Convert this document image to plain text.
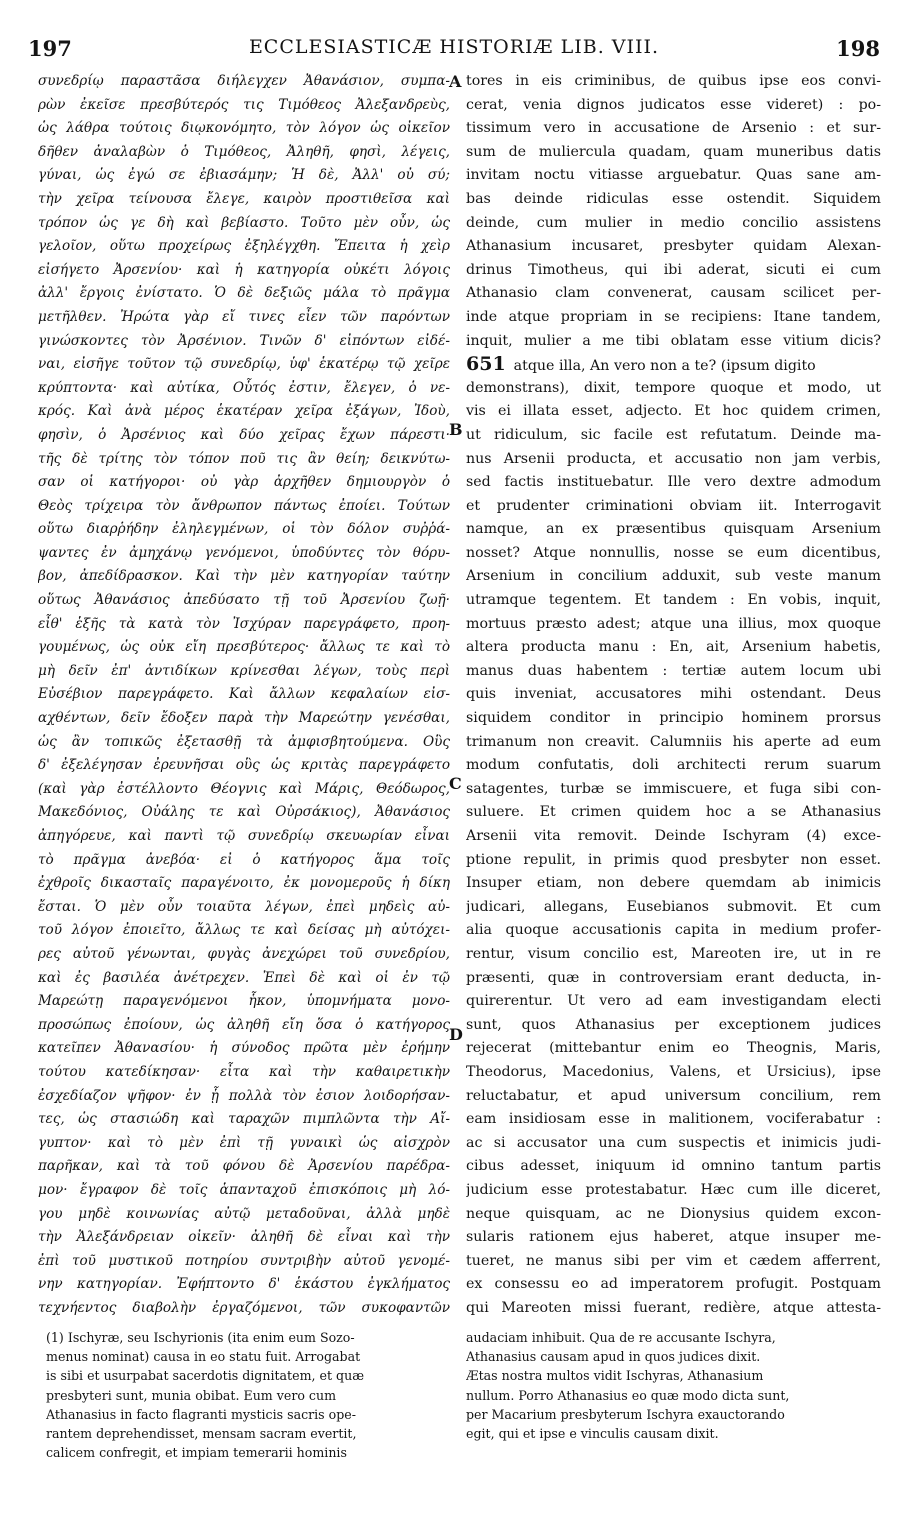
197	ECCLESIASTICÆ HISTORIÆ LIB. VIII.	198
συνεδρίῳ παραστᾶσα διήλεγχεν Ἀθανάσιον, συμπα-
ρὼν ἐκεῖσε πρεσβύτερός τις Τιμόθεος Ἀλεξανδρεὺς,
ὡς λάθρα τούτοις διῳκονόμητο, τὸν λόγον ὡς οἰκεῖον
δῆθεν ἀναλαβὼν ὁ Τιμόθεος, Ἀληθῆ, φησὶ, λέγεις,
γύναι, ὡς ἐγώ σε ἐβιασάμην; Ἡ δὲ, Ἀλλ' οὐ σύ;
τὴν χεῖρα τείνουσα ἔλεγε, καιρὸν προστιθεῖσα καὶ
τρόπον ὡς γε δὴ καὶ βεβίαστο. Τοῦτο μὲν οὖν, ὡς
γελοῖον, οὕτω προχείρως ἐξηλέγχθη. Ἔπειτα ἡ χεὶρ
εἰσήγετο Ἀρσενίου· καὶ ἡ κατηγορία οὐκέτι λόγοις
ἀλλ' ἔργοις ἐνίστατο. Ὁ δὲ δεξιῶς μάλα τὸ πρᾶγμα
μετῆλθεν. Ἠρώτα γὰρ εἴ τινες εἶεν τῶν παρόντων
γινώσκοντες τὸν Ἀρσένιον. Τινῶν δ' εἰπόντων εἰδέ-
ναι, εἰσῆγε τοῦτον τῷ συνεδρίῳ, ὑφ' ἑκατέρῳ τῷ χεῖρε
κρύπτοντα· καὶ αὐτίκα, Οὗτός ἐστιν, ἔλεγεν, ὁ νε-
κρός. Καὶ ἀνὰ μέρος ἑκατέραν χεῖρα ἐξάγων, Ἰδοὺ,
φησὶν, ὁ Ἀρσένιος καὶ δύο χεῖρας ἔχων πάρεστι·
τῆς δὲ τρίτης τὸν τόπον ποῦ τις ἂν θείη; δεικνύτω-
σαν οἱ κατήγοροι· οὐ γὰρ ἀρχῆθεν δημιουργὸν ὁ
Θεὸς τρίχειρα τὸν ἄνθρωπον πάντως ἐποίει. Τούτων
οὕτω διαρῥήδην ἐληλεγμένων, οἱ τὸν δόλον συῤῥά-
ψαντες ἐν ἀμηχάνῳ γενόμενοι, ὑποδύντες τὸν θόρυ-
βον, ἀπεδίδρασκον. Καὶ τὴν μὲν κατηγορίαν ταύτην
οὕτως Ἀθανάσιος ἀπεδύσατο τῇ τοῦ Ἀρσενίου ζωῇ·
εἶθ' ἑξῆς τὰ κατὰ τὸν Ἰσχύραν παρεγράφετο, προη-
γουμένως, ὡς οὐκ εἴη πρεσβύτερος· ἄλλως τε καὶ τὸ
μὴ δεῖν ἐπ' ἀντιδίκων κρίνεσθαι λέγων, τοὺς περὶ
Εὐσέβιον παρεγράφετο. Καὶ ἄλλων κεφαλαίων εἰσ-
αχθέντων, δεῖν ἔδοξεν παρὰ τὴν Μαρεώτην γενέσθαι,
ὡς ἂν τοπικῶς ἐξετασθῇ τὰ ἀμφισβητούμενα. Οὓς
δ' ἐξελέγησαν ἐρευνῆσαι οὓς ὡς κριτὰς παρεγράφετο
(καὶ γὰρ ἐστέλλοντο Θέογνις καὶ Μάρις, Θεόδωρος,
Μακεδόνιος, Οὐάλης τε καὶ Οὐρσάκιος), Ἀθανάσιος
ἀπηγόρευε, καὶ παντὶ τῷ συνεδρίῳ σκευωρίαν εἶναι
τὸ πρᾶγμα ἀνεβόα· εἰ ὁ κατήγορος ἅμα τοῖς
ἐχθροῖς δικασταῖς παραγένοιτο, ἐκ μονομεροῦς ἡ δίκη
ἔσται. Ὁ μὲν οὖν τοιαῦτα λέγων, ἐπεὶ μηδεὶς αὐ-
τοῦ λόγον ἐποιεῖτο, ἄλλως τε καὶ δείσας μὴ αὐτόχει-
ρες αὐτοῦ γένωνται, φυγὰς ἀνεχώρει τοῦ συνεδρίου,
καὶ ἐς βασιλέα ἀνέτρεχεν. Ἐπεὶ δὲ καὶ οἱ ἐν τῷ
Μαρεώτῃ παραγενόμενοι ἧκον, ὑπομνήματα μονο-
προσώπως ἐποίουν, ὡς ἀληθῆ εἴη ὅσα ὁ κατήγορος
κατεῖπεν Ἀθανασίου· ἡ σύνοδος πρῶτα μὲν ἐρήμην
τούτου κατεδίκησαν· εἶτα καὶ τὴν καθαιρετικὴν
ἐσχεδίαζον ψῆφον· ἐν ᾗ πολλὰ τὸν ἐσιον λοιδορήσαν-
τες, ὡς στασιώδη καὶ ταραχῶν πιμπλῶντα τὴν Αἴ-
γυπτον· καὶ τὸ μὲν ἐπὶ τῇ γυναικὶ ὡς αἰσχρὸν
παρῆκαν, καὶ τὰ τοῦ φόνου δὲ Ἀρσενίου παρέδρα-
μον· ἔγραφον δὲ τοῖς ἁπανταχοῦ ἐπισκόποις μὴ λό-
γου μηδὲ κοινωνίας αὐτῷ μεταδοῦναι, ἀλλὰ μηδὲ
τὴν Ἀλεξάνδρειαν οἰκεῖν· ἀληθῆ δὲ εἶναι καὶ τὴν
ἐπὶ τοῦ μυστικοῦ ποτηρίου συντριβὴν αὐτοῦ γενομέ-
νην κατηγορίαν. Ἐφήπτοντο δ' ἑκάστου ἐγκλήματος
τεχνήεντος διαβολὴν ἐργαζόμενοι, τῶν συκοφαντῶν
tores in eis criminibus, de quibus ipse eos convi-
cerat, venia dignos judicatos esse videret) : po-
tissimum vero in accusatione de Arsenio : et sur-
sum de muliercula quadam, quam muneribus datis
invitam noctu vitiasse arguebatur. Quas sane am-
bas deinde ridiculas esse ostendit. Siquidem
deinde, cum mulier in medio concilio assistens
Athanasium incusaret, presbyter quidam Alexan-
drinus Timotheus, qui ibi aderat, sicuti ei cum
Athanasio clam convenerat, causam scilicet per-
inde atque propriam in se recipiens: Itane tandem,
inquit, mulier a me tibi oblatam esse vitium dicis?
651 atque illa, An vero non a te? (ipsum digito
demonstrans), dixit, tempore quoque et modo, ut
vis ei illata esset, adjecto. Et hoc quidem crimen,
ut ridiculum, sic facile est refutatum. Deinde ma-
nus Arsenii producta, et accusatio non jam verbis,
sed factis instituebatur. Ille vero dextre admodum
et prudenter criminationi obviam iit. Interrogavit
namque, an ex præsentibus quisquam Arsenium
nosset? Atque nonnullis, nosse se eum dicentibus,
Arsenium in concilium adduxit, sub veste manum
utramque tegentem. Et tandem : En vobis, inquit,
mortuus præsto adest; atque una illius, mox quoque
altera producta manu : En, ait, Arsenium habetis,
manus duas habentem : tertiæ autem locum ubi
quis inveniat, accusatores mihi ostendant. Deus
siquidem conditor in principio hominem prorsus
trimanum non creavit. Calumniis his aperte ad eum
modum confutatis, doli architecti rerum suarum
satagentes, turbæ se immiscuere, et fuga sibi con-
suluere. Et crimen quidem hoc a se Athanasius
Arsenii vita removit. Deinde Ischyram (4) exce-
ptione repulit, in primis quod presbyter non esset.
Insuper etiam, non debere quemdam ab inimicis
judicari, allegans, Eusebianos submovit. Et cum
alia quoque accusationis capita in medium profer-
rentur, visum concilio est, Mareoten ire, ut in re
præsenti, quæ in controversiam erant deducta, in-
quirerentur. Ut vero ad eam investigandam electi
sunt, quos Athanasius per exceptionem judices
rejecerat (mittebantur enim eo Theognis, Maris,
Theodorus, Macedonius, Valens, et Ursicius), ipse
reluctabatur, et apud universum concilium, rem
eam insidiosam esse in malitionem, vociferabatur :
ac si accusator una cum suspectis et inimicis judi-
cibus adesset, iniquum id omnino tantum partis
judicium esse protestabatur. Hæc cum ille diceret,
neque quisquam, ac ne Dionysius quidem excon-
sularis rationem ejus haberet, atque insuper me-
tueret, ne manus sibi per vim et cædem afferrent,
ex consessu eo ad imperatorem profugit. Postquam
qui Mareoten missi fuerant, redière, atque attesta-
A
B
C
D
(1) Ischyræ, seu Ischyrionis (ita enim eum Sozo-
menus nominat) causa in eo statu fuit. Arrogabat
is sibi et usurpabat sacerdotis dignitatem, et quæ
presbyteri sunt, munia obibat. Eum vero cum
Athanasius in facto flagranti mysticis sacris ope-
rantem deprehendisset, mensam sacram evertit,
calicem confregit, et impiam temerarii hominis
audaciam inhibuit. Qua de re accusante Ischyra,
Athanasius causam apud in quos judices dixit.
Ætas nostra multos vidit Ischyras, Athanasium
nullum. Porro Athanasius eo quæ modo dicta sunt,
per Macarium presbyterum Ischyra exauctorando
egit, qui et ipse e vinculis causam dixit.
